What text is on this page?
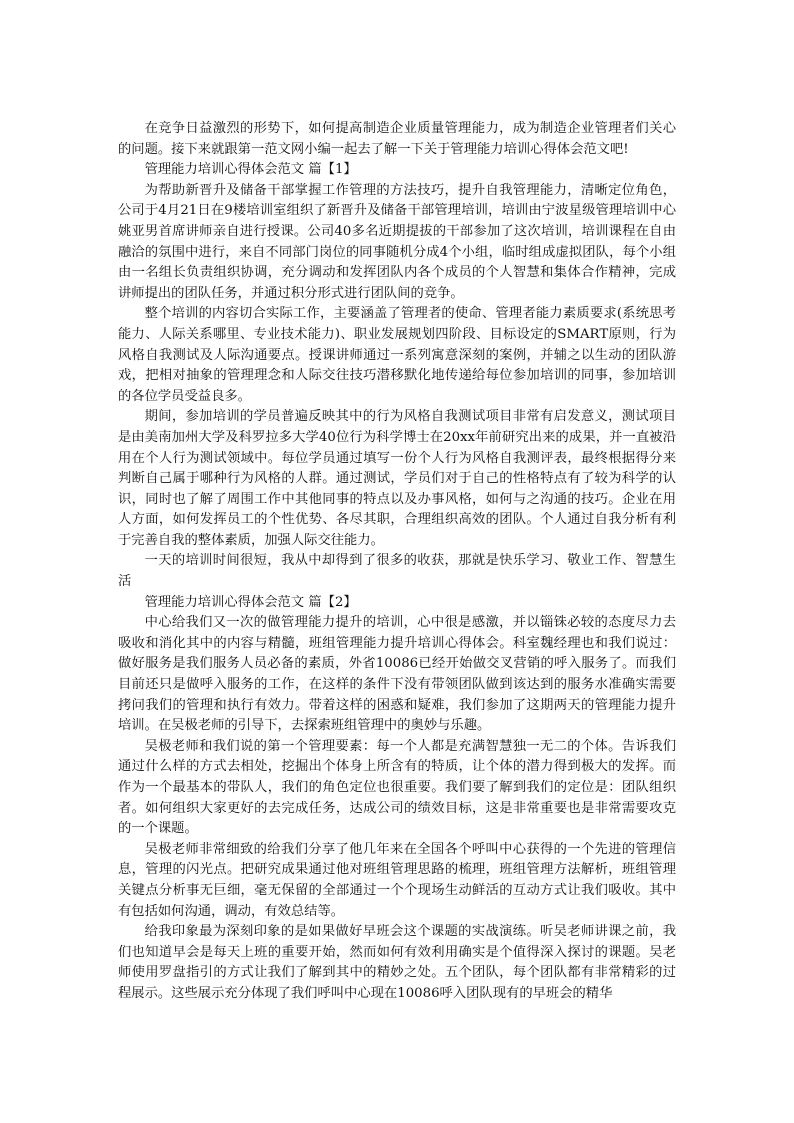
在竞争日益激烈的形势下，如何提高制造企业质量管理能力，成为制造企业管理者们关心的问题。接下来就跟第一范文网小编一起去了解一下关于管理能力培训心得体会范文吧!

管理能力培训心得体会范文 篇【1】

为帮助新晋升及储备干部掌握工作管理的方法技巧，提升自我管理能力，清晰定位角色，公司于4月21日在9楼培训室组织了新晋升及储备干部管理培训，培训由宁波星级管理培训中心姚亚男首席讲师亲自进行授课。公司40多名近期提拔的干部参加了这次培训，培训课程在自由融洽的氛围中进行，来自不同部门岗位的同事随机分成4个小组，临时组成虚拟团队，每个小组由一名组长负责组织协调，充分调动和发挥团队内各个成员的个人智慧和集体合作精神，完成讲师提出的团队任务，并通过积分形式进行团队间的竞争。

整个培训的内容切合实际工作，主要涵盖了管理者的使命、管理者能力素质要求(系统思考能力、人际关系哪里、专业技术能力)、职业发展规划四阶段、目标设定的SMART原则，行为风格自我测试及人际沟通要点。授课讲师通过一系列寓意深刻的案例，并辅之以生动的团队游戏，把相对抽象的管理理念和人际交往技巧潜移默化地传递给每位参加培训的同事，参加培训的各位学员受益良多。

期间，参加培训的学员普遍反映其中的行为风格自我测试项目非常有启发意义，测试项目是由美南加州大学及科罗拉多大学40位行为科学博士在20xx年前研究出来的成果，并一直被沿用在个人行为测试领域中。每位学员通过填写一份个人行为风格自我测评表，最终根据得分来判断自己属于哪种行为风格的人群。通过测试，学员们对于自己的性格特点有了较为科学的认识，同时也了解了周围工作中其他同事的特点以及办事风格，如何与之沟通的技巧。企业在用人方面，如何发挥员工的个性优势、各尽其职，合理组织高效的团队。个人通过自我分析有利于完善自我的整体素质，加强人际交往能力。

一天的培训时间很短，我从中却得到了很多的收获，那就是快乐学习、敬业工作、智慧生活

管理能力培训心得体会范文 篇【2】

中心给我们又一次的做管理能力提升的培训，心中很是感激，并以锱铢必较的态度尽力去吸收和消化其中的内容与精髓，班组管理能力提升培训心得体会。科室魏经理也和我们说过：做好服务是我们服务人员必备的素质，外省10086已经开始做交叉营销的呼入服务了。而我们目前还只是做呼入服务的工作，在这样的条件下没有带领团队做到该达到的服务水准确实需要拷问我们的管理和执行有效力。带着这样的困惑和疑难，我们参加了这期两天的管理能力提升培训。在吴极老师的引导下，去探索班组管理中的奥妙与乐趣。

吴极老师和我们说的第一个管理要素：每一个人都是充满智慧独一无二的个体。告诉我们通过什么样的方式去相处，挖掘出个体身上所含有的特质，让个体的潜力得到极大的发挥。而作为一个最基本的带队人，我们的角色定位也很重要。我们要了解到我们的定位是：团队组织者。如何组织大家更好的去完成任务，达成公司的绩效目标，这是非常重要也是非常需要攻克的一个课题。

吴极老师非常细致的给我们分享了他几年来在全国各个呼叫中心获得的一个先进的管理信息，管理的闪光点。把研究成果通过他对班组管理思路的梳理，班组管理方法解析，班组管理关键点分析事无巨细，毫无保留的全部通过一个个现场生动鲜活的互动方式让我们吸收。其中有包括如何沟通，调动，有效总结等。

给我印象最为深刻印象的是如果做好早班会这个课题的实战演练。听吴老师讲课之前，我们也知道早会是每天上班的重要开始，然而如何有效利用确实是个值得深入探讨的课题。吴老师使用罗盘指引的方式让我们了解到其中的精妙之处。五个团队，每个团队都有非常精彩的过程展示。这些展示充分体现了我们呼叫中心现在10086呼入团队现有的早班会的精华
